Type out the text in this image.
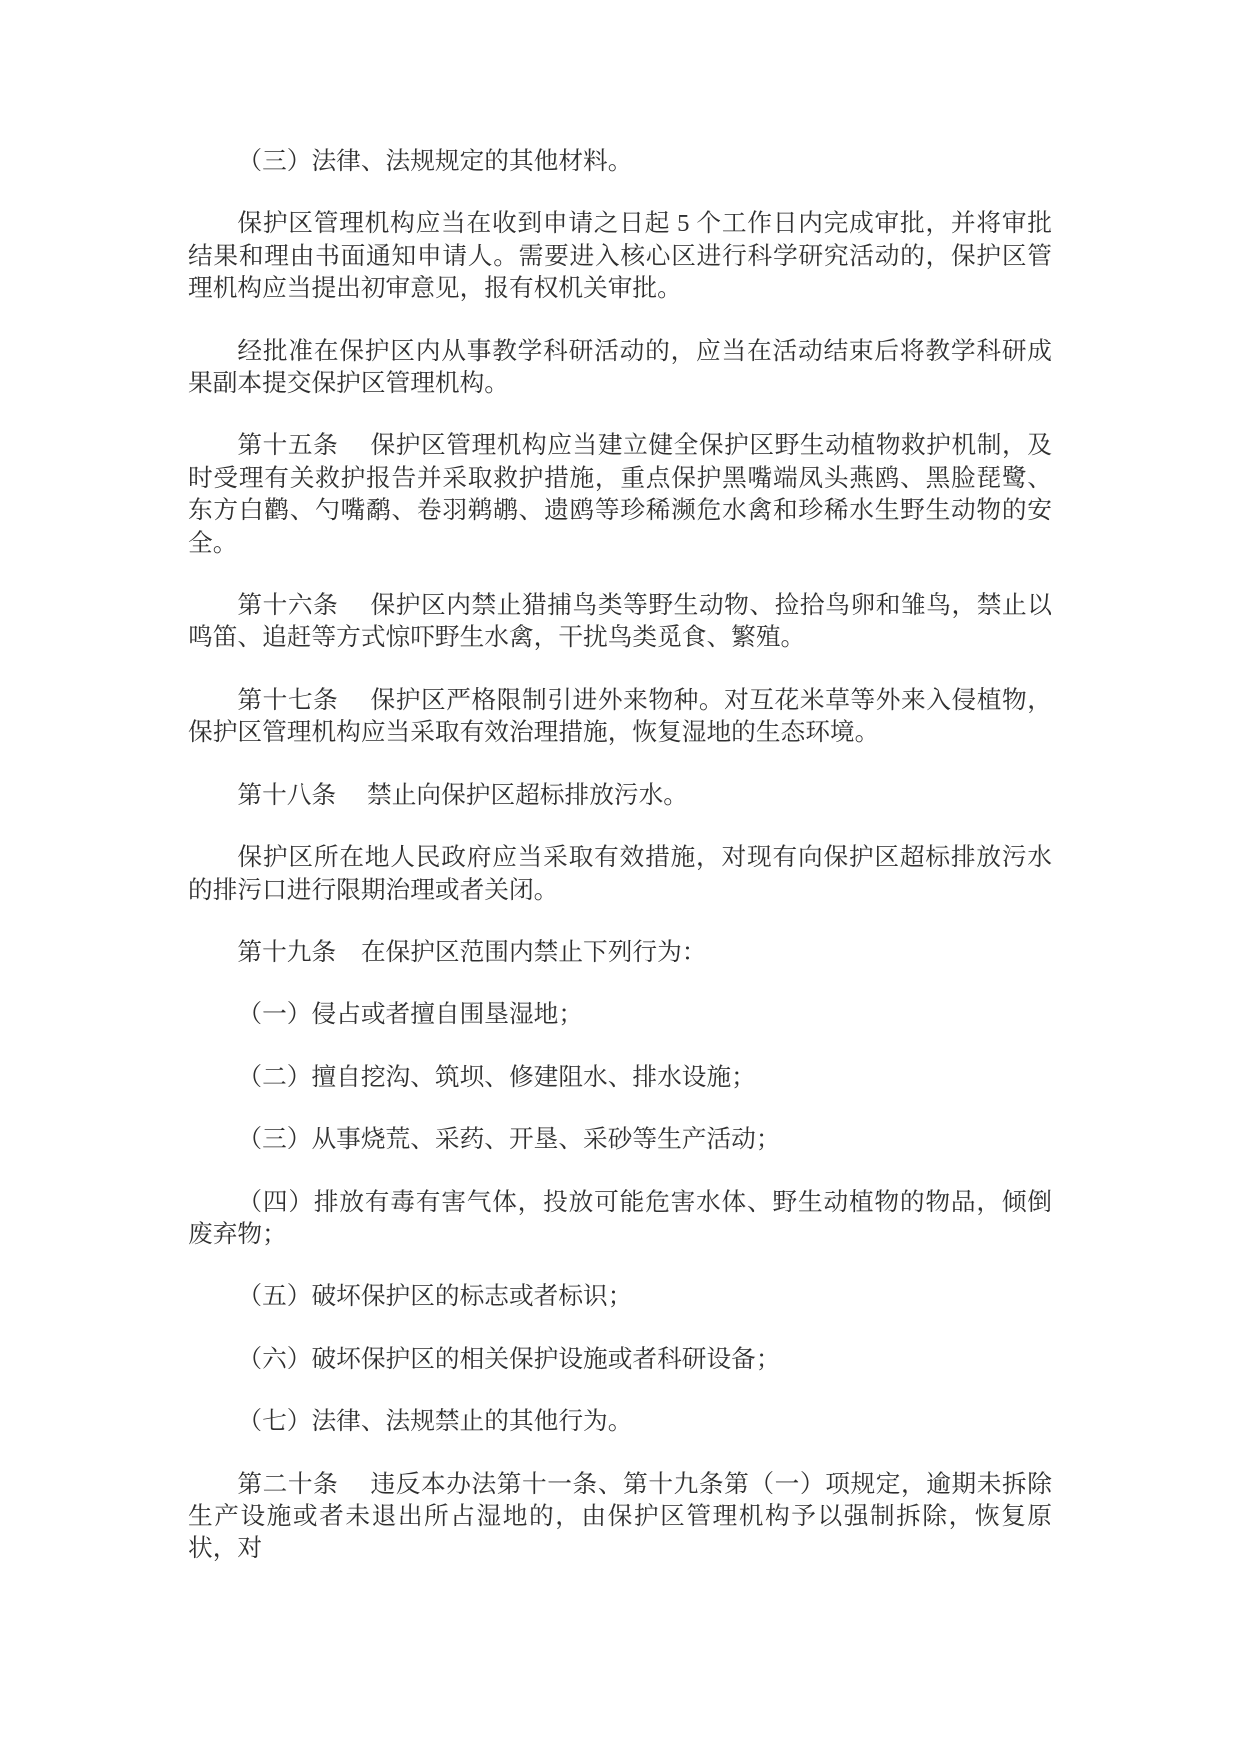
（三）法律、法规规定的其他材料。

保护区管理机构应当在收到申请之日起 5 个工作日内完成审批，并将审批结果和理由书面通知申请人。需要进入核心区进行科学研究活动的，保护区管理机构应当提出初审意见，报有权机关审批。

经批准在保护区内从事教学科研活动的，应当在活动结束后将教学科研成果副本提交保护区管理机构。

第十五条　 保护区管理机构应当建立健全保护区野生动植物救护机制，及时受理有关救护报告并采取救护措施，重点保护黑嘴端凤头燕鸥、黑脸琵鹭、东方白鹳、勺嘴鹬、卷羽鹈鹕、遗鸥等珍稀濒危水禽和珍稀水生野生动物的安全。

第十六条　 保护区内禁止猎捕鸟类等野生动物、捡拾鸟卵和雏鸟，禁止以鸣笛、追赶等方式惊吓野生水禽，干扰鸟类觅食、繁殖。

第十七条　 保护区严格限制引进外来物种。对互花米草等外来入侵植物，保护区管理机构应当采取有效治理措施，恢复湿地的生态环境。

第十八条　 禁止向保护区超标排放污水。

保护区所在地人民政府应当采取有效措施，对现有向保护区超标排放污水的排污口进行限期治理或者关闭。

第十九条　在保护区范围内禁止下列行为：

（一）侵占或者擅自围垦湿地；

（二）擅自挖沟、筑坝、修建阻水、排水设施；

（三）从事烧荒、采药、开垦、采砂等生产活动；

（四）排放有毒有害气体，投放可能危害水体、野生动植物的物品，倾倒废弃物；

（五）破坏保护区的标志或者标识；

（六）破坏保护区的相关保护设施或者科研设备；

（七）法律、法规禁止的其他行为。

第二十条　 违反本办法第十一条、第十九条第（一）项规定，逾期未拆除生产设施或者未退出所占湿地的，由保护区管理机构予以强制拆除，恢复原状，对
